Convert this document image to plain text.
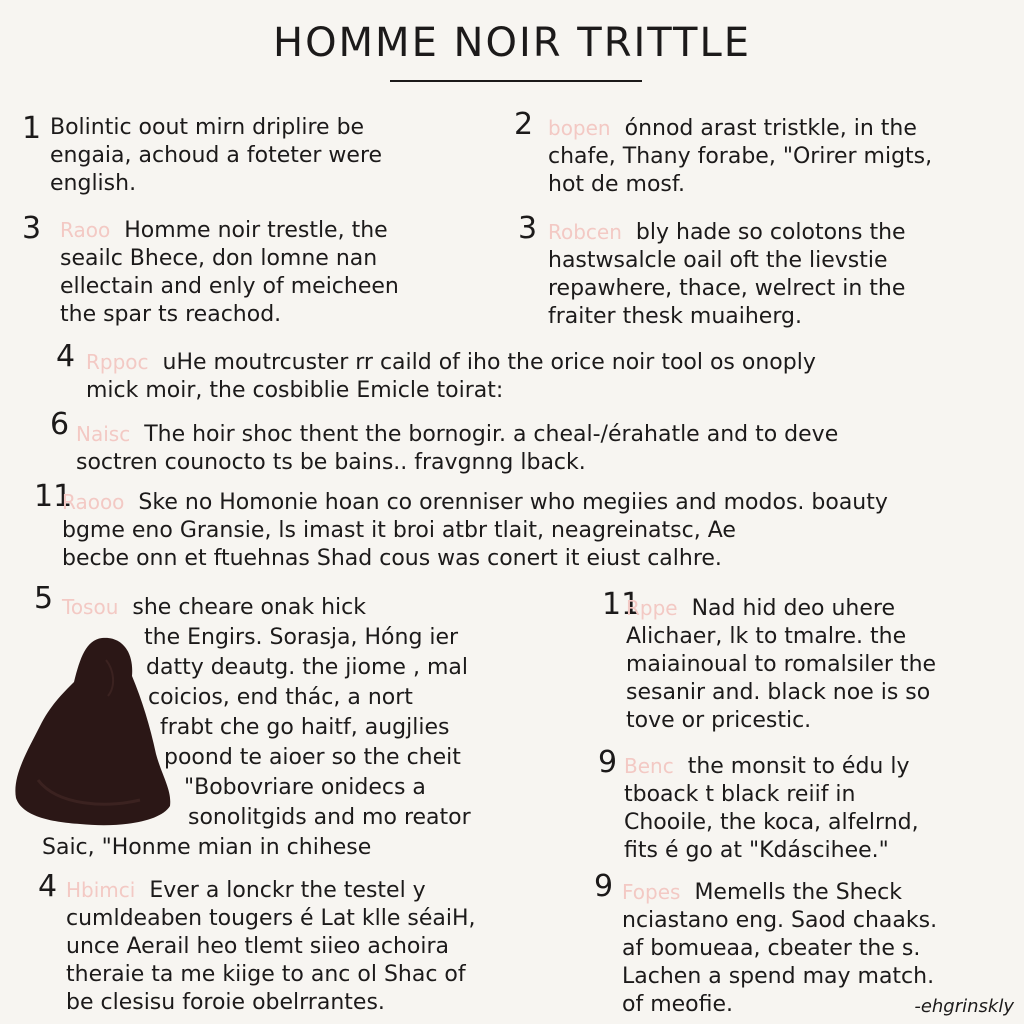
HOMME NOIR TRITTLE
1 Bolintic oout mirn driplire be
engaia, achoud a foteter were
english.
2 bopen ónnod arast tristkle, in the
chafe, Thany forabe, "Orirer migts,
hot de mosf.
3 Raoo Homme noir trestle, the
seailc Bhece, don lomne nan
ellectain and enly of meicheen
the spar ts reachod.
3 Robcen bly hade so colotons the
hastwsalcle oail oft the lievstie
repawhere, thace, welrect in the
fraiter thesk muaiherg.
4 Rppoc uHe moutrcuster rr caild of iho the orice noir tool os onoply
mick moir, the cosbiblie Emicle toirat:
6 Naisc The hoir shoc thent the bornogir. a cheal-/érahatle and to deve
soctren counocto ts be bains.. fravgnng lback.
11
Raooo Ske no Homonie hoan co orenniser who megiies and modos. boauty
bgme eno Gransie, ls imast it broi atbr tlait, neagreinatsc, Ae
becbe onn et ftuehnas Shad cous was conert it eiust calhre.
5 Tosou she cheare onak hick
the Engirs. Sorasja, Hóng ier
datty deautg. the jiome , mal
coicios, end thác, a nort
frabt che go haitf, augjlies
poond te aioer so the cheit
"Bobovriare onidecs a
sonolitgids and mo reator
Saic, "Honme mian in chihese
11
Rppe Nad hid deo uhere
Alichaer, lk to tmalre. the
maiainoual to romalsiler the
sesanir and. black noe is so
tove or pricestic.
9 Benc the monsit to édu ly
tboack t black reiif in
Chooile, the koca, alfelrnd,
fits é go at "Kdáscihee."
4 Hbimci Ever a lonckr the testel y
cumldeaben tougers é Lat klle séaiH,
unce Aerail heo tlemt siieo achoira
theraie ta me kiige to anc ol Shac of
be clesisu foroie obelrrantes.
9 Fopes Memells the Sheck
nciastano eng. Saod chaaks.
af bomueaa, cbeater the s.
Lachen a spend may match.
of meofie.	-ehgrinskly
